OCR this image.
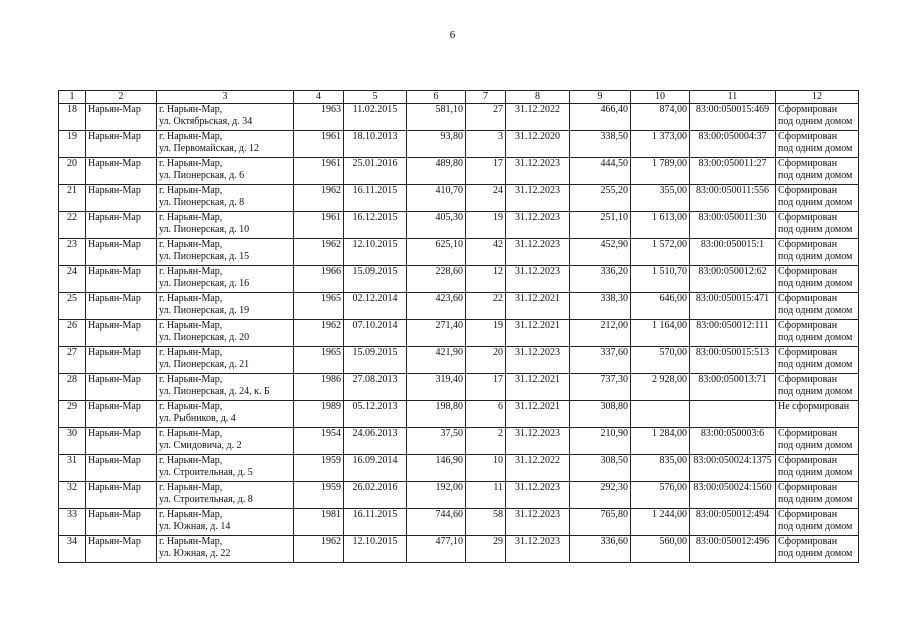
6
1	2	3	4	5	6	7	8	9	10	11	12
18	Нарьян-Мар	г. Нарьян-Мар,
ул. Октябрьская, д. 34	1963	11.02.2015	581,10	27	31.12.2022	466,40	874,00	83:00:050015:469	Сформирован
под одним домом

19	Нарьян-Мар	г. Нарьян-Мар,
ул. Первомайская, д. 12	1961	18.10.2013	93,80	3	31.12.2020	338,50	1 373,00	83:00:050004:37	Сформирован
под одним домом

20	Нарьян-Мар	г. Нарьян-Мар,
ул. Пионерская, д. 6	1961	25.01.2016	489,80	17	31.12.2023	444,50	1 789,00	83:00:050011:27	Сформирован
под одним домом

21	Нарьян-Мар	г. Нарьян-Мар,
ул. Пионерская, д. 8	1962	16.11.2015	410,70	24	31.12.2023	255,20	355,00	83:00:050011:556	Сформирован
под одним домом

22	Нарьян-Мар	г. Нарьян-Мар,
ул. Пионерская, д. 10	1961	16.12.2015	405,30	19	31.12.2023	251,10	1 613,00	83:00:050011:30	Сформирован
под одним домом

23	Нарьян-Мар	г. Нарьян-Мар,
ул. Пионерская, д. 15	1962	12.10.2015	625,10	42	31.12.2023	452,90	1 572,00	83:00:050015:1	Сформирован
под одним домом

24	Нарьян-Мар	г. Нарьян-Мар,
ул. Пионерская, д. 16	1966	15.09.2015	228,60	12	31.12.2023	336,20	1 510,70	83:00:050012:62	Сформирован
под одним домом

25	Нарьян-Мар	г. Нарьян-Мар,
ул. Пионерская, д. 19	1965	02.12.2014	423,60	22	31.12.2021	338,30	646,00	83:00:050015:471	Сформирован
под одним домом

26	Нарьян-Мар	г. Нарьян-Мар,
ул. Пионерская, д. 20	1962	07.10.2014	271,40	19	31.12.2021	212,00	1 164,00	83:00:050012:111	Сформирован
под одним домом

27	Нарьян-Мар	г. Нарьян-Мар,
ул. Пионерская, д. 21	1965	15.09.2015	421,90	20	31.12.2023	337,60	570,00	83:00:050015:513	Сформирован
под одним домом

28	Нарьян-Мар	г. Нарьян-Мар,
ул. Пионерская, д. 24, к. Б	1986	27.08.2013	319,40	17	31.12.2021	737,30	2 928,00	83:00:050013:71	Сформирован
под одним домом

29	Нарьян-Мар	г. Нарьян-Мар,
ул. Рыбников, д. 4	1989	05.12.2013	198,80	6	31.12.2021	308,80			Не сформирован

30	Нарьян-Мар	г. Нарьян-Мар,
ул. Смидовича, д. 2	1954	24.06.2013	37,50	2	31.12.2023	210,90	1 284,00	83:00:050003:6	Сформирован
под одним домом

31	Нарьян-Мар	г. Нарьян-Мар,
ул. Строительная, д. 5	1959	16.09.2014	146,90	10	31.12.2022	308,50	835,00	83:00:050024:1375	Сформирован
под одним домом

32	Нарьян-Мар	г. Нарьян-Мар,
ул. Строительная, д. 8	1959	26.02.2016	192,00	11	31.12.2023	292,30	576,00	83:00:050024:1560	Сформирован
под одним домом

33	Нарьян-Мар	г. Нарьян-Мар,
ул. Южная, д. 14	1981	16.11.2015	744,60	58	31.12.2023	765,80	1 244,00	83:00:050012:494	Сформирован
под одним домом

34	Нарьян-Мар	г. Нарьян-Мар,
ул. Южная, д. 22	1962	12.10.2015	477,10	29	31.12.2023	336,60	560,00	83:00:050012:496	Сформирован
под одним домом
